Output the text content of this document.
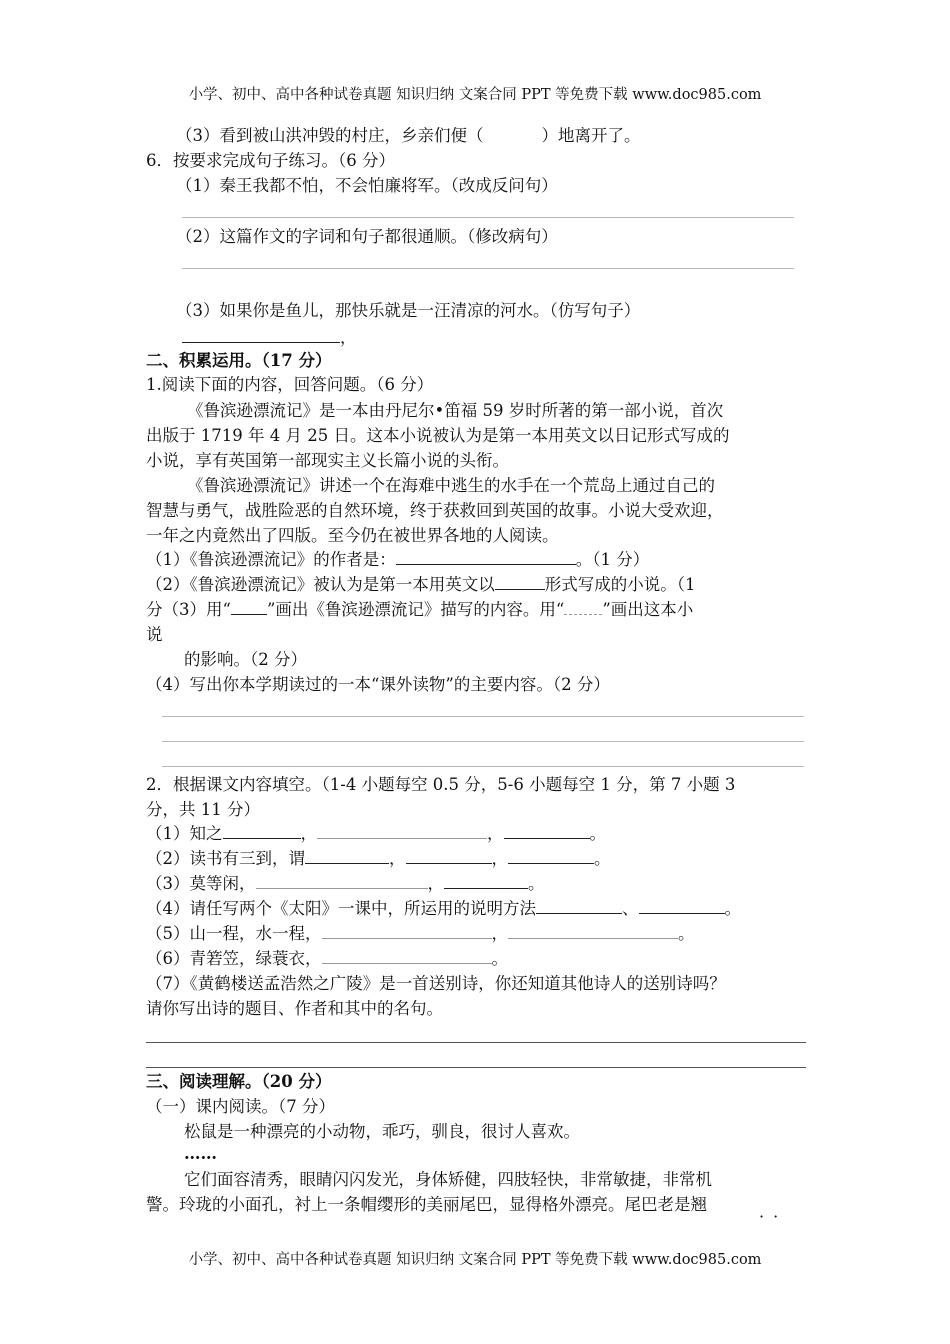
小学、初中、高中各种试卷真题 知识归纳 文案合同 PPT 等免费下载 www.doc985.com
（3）看到被山洪冲毁的村庄，乡亲们便（	）地离开了。
6．按要求完成句子练习。（6 分）
（1）秦王我都不怕，不会怕廉将军。（改成反问句）
（2）这篇作文的字词和句子都很通顺。（修改病句）
（3）如果你是鱼儿，那快乐就是一汪清凉的河水。（仿写句子）
，
二、积累运用。（17 分）
1.阅读下面的内容，回答问题。（6 分）
《鲁滨逊漂流记》是一本由丹尼尔•笛福 59 岁时所著的第一部小说，首次
出版于 1719 年 4 月 25 日。这本小说被认为是第一本用英文以日记形式写成的
小说，享有英国第一部现实主义长篇小说的头衔。
《鲁滨逊漂流记》讲述一个在海难中逃生的水手在一个荒岛上通过自己的
智慧与勇气，战胜险恶的自然环境，终于获救回到英国的故事。小说大受欢迎，
一年之内竟然出了四版。至今仍在被世界各地的人阅读。
（1）《鲁滨逊漂流记》的作者是：	。（1 分）
（2）《鲁滨逊漂流记》被认为是第一本用英文以	形式写成的小说。（1
分（3）用“ ”画出《鲁滨逊漂流记》描写的内容。用“ ”画出这本小
说
的影响。（2 分）
（4）写出你本学期读过的一本“课外读物”的主要内容。（2 分）
2．根据课文内容填空。（1-4 小题每空 0.5 分，5-6 小题每空 1 分，第 7 小题 3
分，共 11 分）
（1）知之	，	，	。
（2）读书有三到，谓	，	，	。
（3）莫等闲，	，	。
（4）请任写两个《太阳》一课中，所运用的说明方法	、	。
（5）山一程，水一程，	，	。
（6）青箬笠，绿蓑衣，	。
（7）《黄鹤楼送孟浩然之广陵》是一首送别诗，你还知道其他诗人的送别诗吗？
请你写出诗的题目、作者和其中的名句。
三、阅读理解。（20 分）
（一）课内阅读。（7 分）
松鼠是一种漂亮的小动物，乖巧，驯良，很讨人喜欢。
……
它们面容清秀，眼睛闪闪发光，身体矫健，四肢轻快，非常敏捷，非常机
警。玲珑的小面孔，衬上一条帽缨形的美丽尾巴，显得格外漂亮。尾巴老是翘
··
小学、初中、高中各种试卷真题 知识归纳 文案合同 PPT 等免费下载 www.doc985.com
